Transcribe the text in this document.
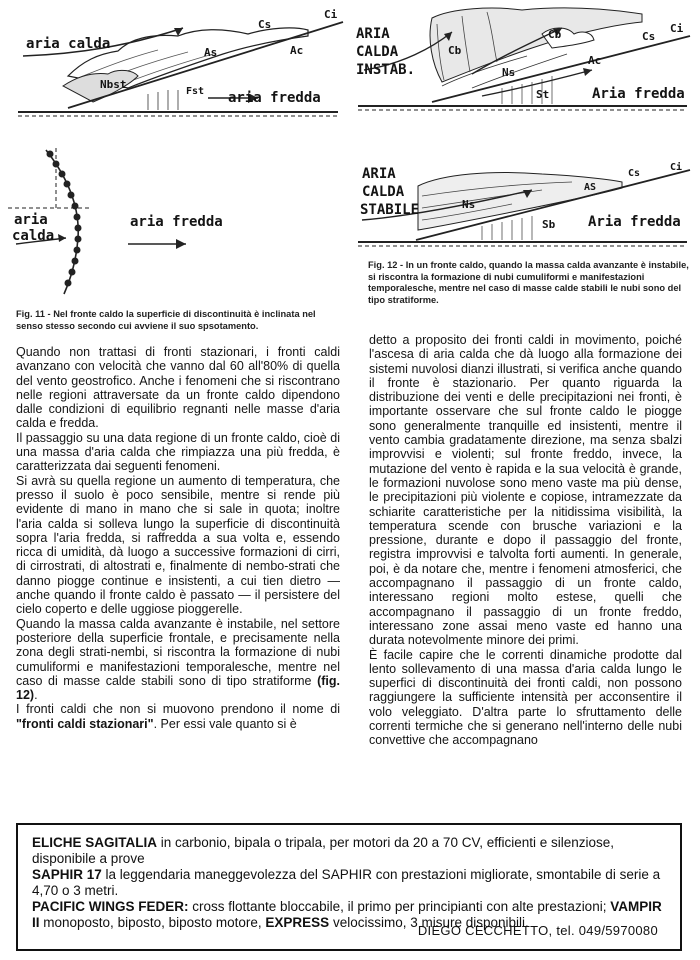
aria calda
Ci
Cs
As	Ac
Nbst
Fst aria fredda
aria
calda
aria fredda

Fig. 11 - Nel fronte caldo la superficie di discontinuità è inclinata nel senso stesso secondo cui avviene il suo spsotamento.

ARIA
CALDA
INSTAB.
Cb
Cb	Cs
Ci
Ns
Ac
St	Aria fredda
ARIA
CALDA
STABILE	Ns
AS
Cs
Ci
Sb Aria fredda

Fig. 12 - In un fronte caldo, quando la massa calda avanzante è instabile, si riscontra la formazione di nubi cumuliformi e manifestazioni temporalesche, mentre nel caso di masse calde stabili le nubi sono del tipo stratiforme.

Quando non trattasi di fronti stazionari, i fronti caldi avanzano con velocità che vanno dal 60 all'80% di quella del vento geostrofico. Anche i fenomeni che si riscontrano nelle regioni attraversate da un fronte caldo dipendono dalle condizioni di equilibrio regnanti nelle masse d'aria calda e fredda.

Il passaggio su una data regione di un fronte caldo, cioè di una massa d'aria calda che rimpiazza una più fredda, è caratterizzata dai seguenti fenomeni.

Si avrà su quella regione un aumento di temperatura, che presso il suolo è poco sensibile, mentre si rende più evidente di mano in mano che si sale in quota; inoltre l'aria calda si solleva lungo la superficie di discontinuità sopra l'aria fredda, si raffredda a sua volta e, essendo ricca di umidità, dà luogo a successive formazioni di cirri, di cirrostrati, di altostrati e, finalmente di nembo-strati che danno piogge continue e insistenti, a cui tien dietro — anche quando il fronte caldo è passato — il persistere del cielo coperto e delle uggiose pioggerelle.

Quando la massa calda avanzante è instabile, nel settore posteriore della superficie frontale, e precisamente nella zona degli strati-nembi, si riscontra la formazione di nubi cumuliformi e manifestazioni temporalesche, mentre nel caso di masse calde stabili sono di tipo stratiforme (fig. 12).

I fronti caldi che non si muovono prendono il nome di "fronti caldi stazionari". Per essi vale quanto si è

detto a proposito dei fronti caldi in movimento, poiché l'ascesa di aria calda che dà luogo alla formazione dei sistemi nuvolosi dianzi illustrati, si verifica anche quando il fronte è stazionario. Per quanto riguarda la distribuzione dei venti e delle precipitazioni nei fronti, è importante osservare che sul fronte caldo le piogge sono generalmente tranquille ed insistenti, mentre il vento cambia gradatamente direzione, ma senza sbalzi improvvisi e violenti; sul fronte freddo, invece, la mutazione del vento è rapida e la sua velocità è grande, le formazioni nuvolose sono meno vaste ma più dense, le precipitazioni più violente e copiose, intramezzate da schiarite caratteristiche per la nitidissima visibilità, la temperatura scende con brusche variazioni e la pressione, durante e dopo il passaggio del fronte, registra improvvisi e talvolta forti aumenti. In generale, poi, è da notare che, mentre i fenomeni atmosferici, che accompagnano il passaggio di un fronte caldo, interessano regioni molto estese, quelli che accompagnano il passaggio di un fronte freddo, interessano zone assai meno vaste ed hanno una durata notevolmente minore dei primi.

È facile capire che le correnti dinamiche prodotte dal lento sollevamento di una massa d'aria calda lungo le superfici di discontinuità dei fronti caldi, non possono raggiungere la sufficiente intensità per acconsentire il volo veleggiato. D'altra parte lo sfruttamento delle correnti termiche che si generano nell'interno delle nubi convettive che accompagnano

ELICHE SAGITALIA in carbonio, bipala o tripala, per motori da 20 a 70 CV, efficienti e silenziose, disponibile a prove

SAPHIR 17 la leggendaria maneggevolezza del SAPHIR con prestazioni migliorate, smontabile di serie a 4,70 o 3 metri.

PACIFIC WINGS FEDER: cross flottante bloccabile, il primo per principianti con alte prestazioni; VAMPIR II monoposto, biposto, biposto motore, EXPRESS velocissimo, 3 misure disponibili.

DIEGO CECCHETTO, tel. 049/5970080
